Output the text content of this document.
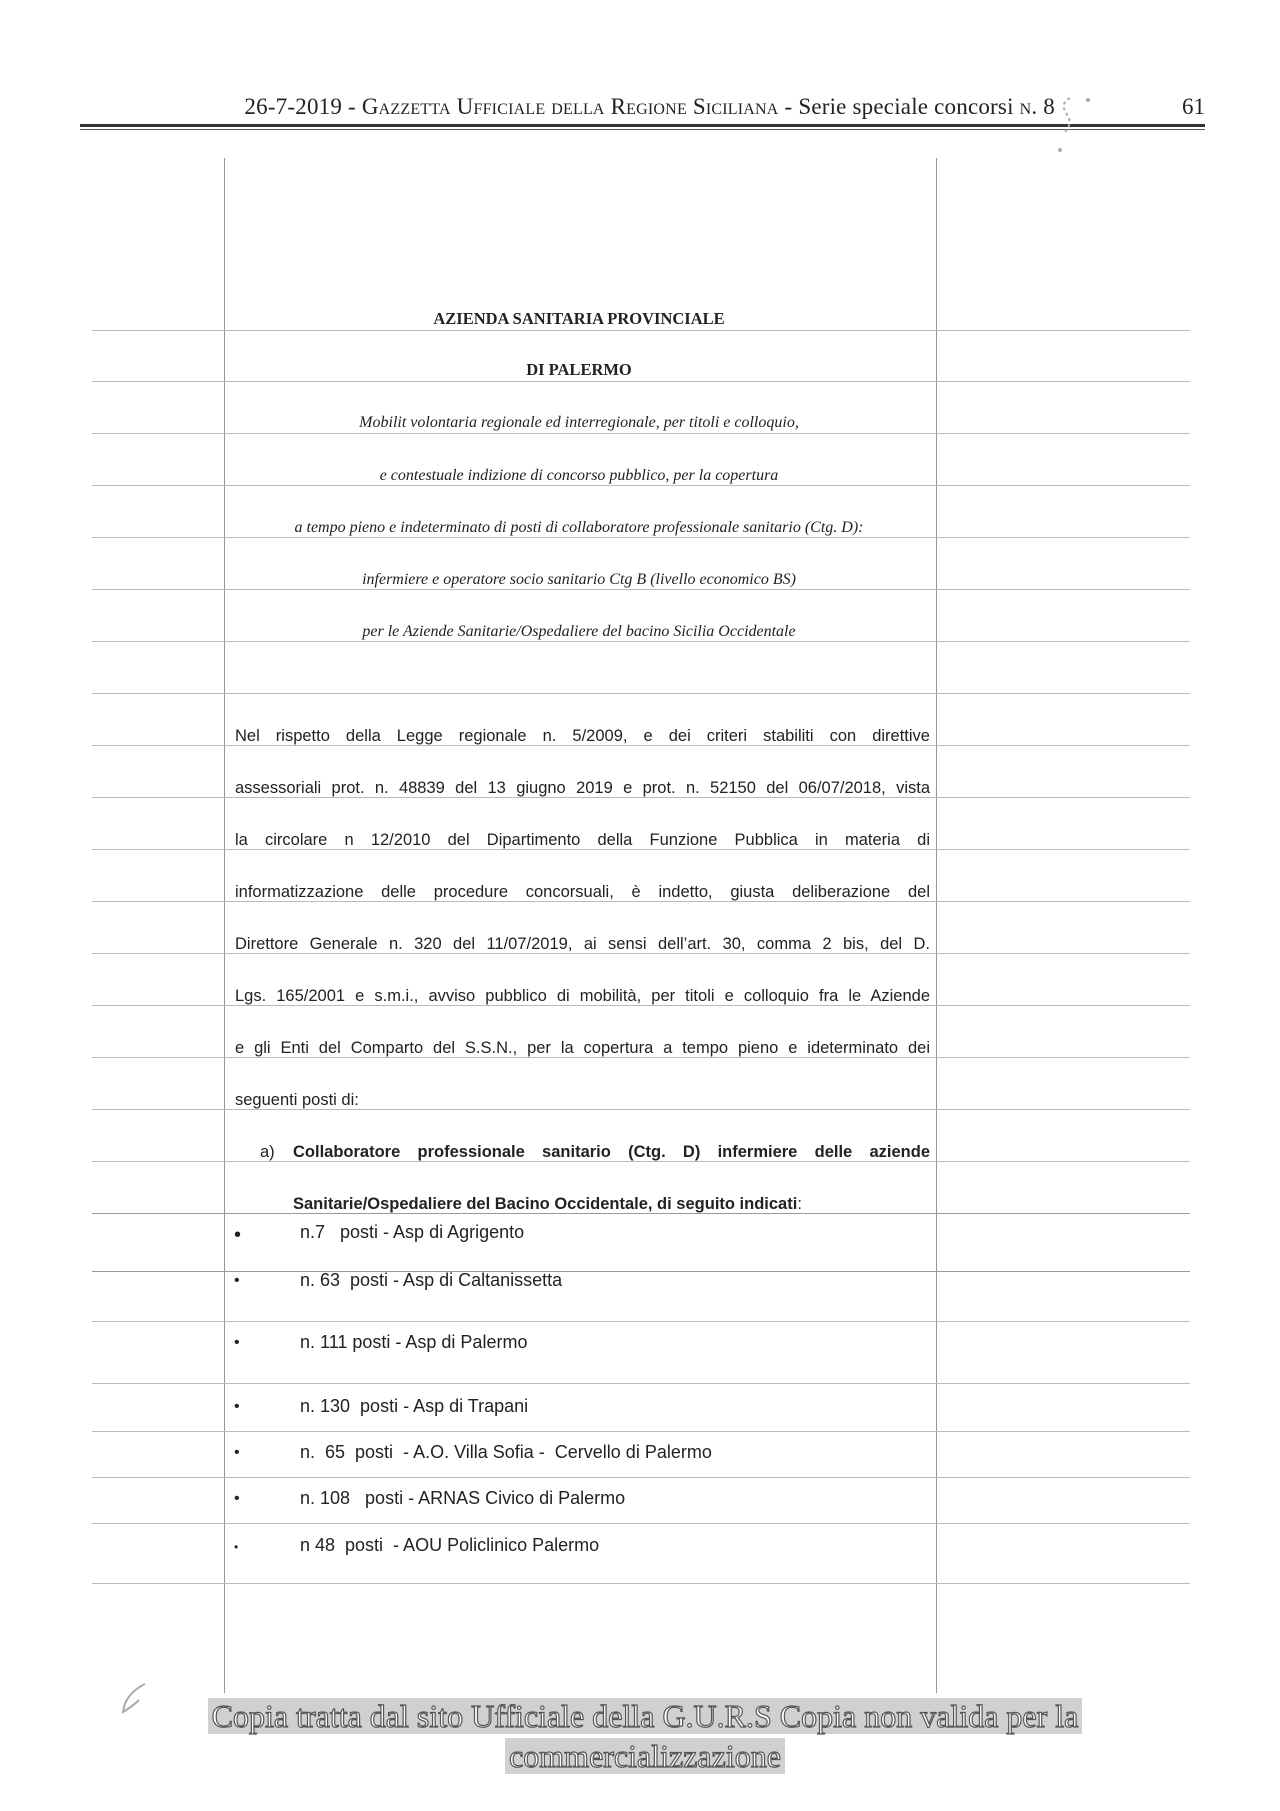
26-7-2019 - Gazzetta Ufficiale della Regione Siciliana - Serie speciale concorsi n. 8	61
AZIENDA SANITARIA PROVINCIALE
DI PALERMO
Mobilit volontaria regionale ed interregionale, per titoli e colloquio,
e contestuale indizione di concorso pubblico, per la copertura
a tempo pieno e indeterminato di posti di collaboratore professionale sanitario (Ctg. D):
infermiere e operatore socio sanitario Ctg B (livello economico BS)
per le Aziende Sanitarie/Ospedaliere del bacino Sicilia Occidentale
Nel rispetto della Legge regionale n. 5/2009, e dei criteri stabiliti con direttive
assessoriali prot. n. 48839 del 13 giugno 2019 e prot. n. 52150 del 06/07/2018, vista
la circolare n 12/2010 del Dipartimento della Funzione Pubblica in materia di
informatizzazione delle procedure concorsuali, è indetto, giusta deliberazione del
Direttore Generale n. 320 del 11/07/2019, ai sensi dell’art. 30, comma 2 bis, del D.
Lgs. 165/2001 e s.m.i., avviso pubblico di mobilità, per titoli e colloquio fra le Aziende
e gli Enti del Comparto del S.S.N., per la copertura a tempo pieno e ideterminato dei
seguenti posti di:
a) Collaboratore professionale sanitario (Ctg. D) infermiere delle aziende
Sanitarie/Ospedaliere del Bacino Occidentale, di seguito indicati:
•	n.7   posti - Asp di Agrigento
•	n. 63  posti - Asp di Caltanissetta
•	n. 111 posti - Asp di Palermo
•	n. 130  posti - Asp di Trapani
•	n.  65  posti  - A.O. Villa Sofia -  Cervello di Palermo
•	n. 108   posti - ARNAS Civico di Palermo
•	n 48  posti  - AOU Policlinico Palermo
Copia tratta dal sito Ufficiale della G.U.R.S Copia non valida per la
commercializzazione
